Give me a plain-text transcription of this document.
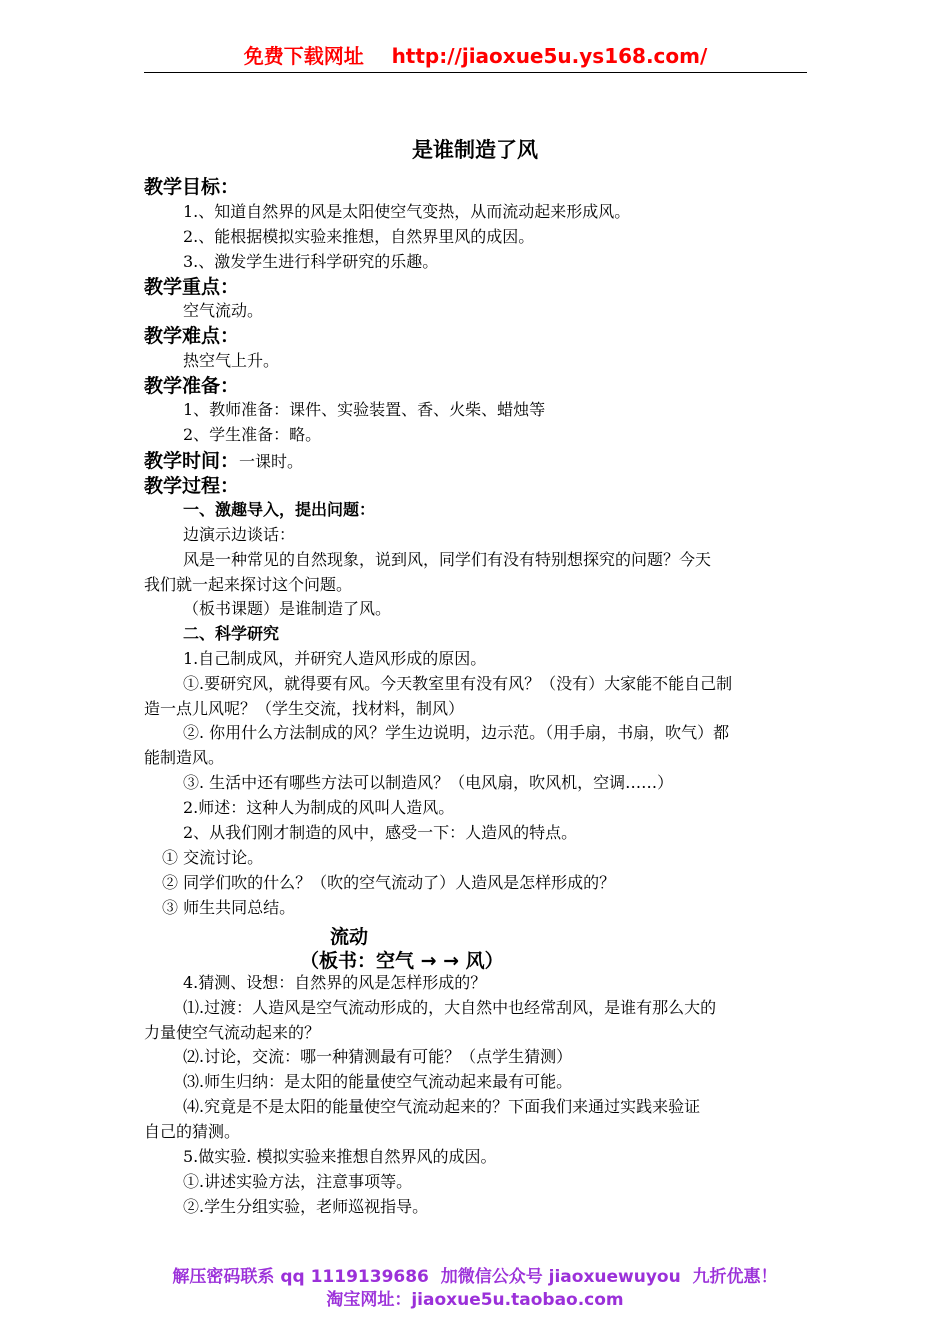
免费下载网址 http://jiaoxue5u.ys168.com/
是谁制造了风
教学目标：
1.、知道自然界的风是太阳使空气变热，从而流动起来形成风。
2.、能根据模拟实验来推想，自然界里风的成因。
3.、激发学生进行科学研究的乐趣。
教学重点：
空气流动。
教学难点：
热空气上升。
教学准备：
1、教师准备：课件、实验装置、香、火柴、蜡烛等
2、学生准备：略。
教学时间：一课时。
教学过程：
一、激趣导入，提出问题：
边演示边谈话：
风是一种常见的自然现象，说到风，同学们有没有特别想探究的问题？今天
我们就一起来探讨这个问题。
（板书课题）是谁制造了风。
二、科学研究
1.自己制成风，并研究人造风形成的原因。
①.要研究风，就得要有风。今天教室里有没有风？（没有）大家能不能自己制
造一点儿风呢？（学生交流，找材料，制风）
②. 你用什么方法制成的风？学生边说明，边示范。（用手扇，书扇，吹气）都
能制造风。
③. 生活中还有哪些方法可以制造风？（电风扇，吹风机，空调……）
2.师述：这种人为制成的风叫人造风。
2、从我们刚才制造的风中，感受一下：人造风的特点。
① 交流讨论。
② 同学们吹的什么？（吹的空气流动了）人造风是怎样形成的？
③ 师生共同总结。
流动
（板书：空气 → → 风）
4.猜测、设想：自然界的风是怎样形成的？
⑴.过渡：人造风是空气流动形成的，大自然中也经常刮风，是谁有那么大的
力量使空气流动起来的？
⑵.讨论，交流：哪一种猜测最有可能？（点学生猜测）
⑶.师生归纳：是太阳的能量使空气流动起来最有可能。
⑷.究竟是不是太阳的能量使空气流动起来的？下面我们来通过实践来验证
自己的猜测。
5.做实验. 模拟实验来推想自然界风的成因。
①.讲述实验方法，注意事项等。
②.学生分组实验，老师巡视指导。
解压密码联系 qq 1119139686  加微信公众号 jiaoxuewuyou  九折优惠！
淘宝网址：jiaoxue5u.taobao.com
